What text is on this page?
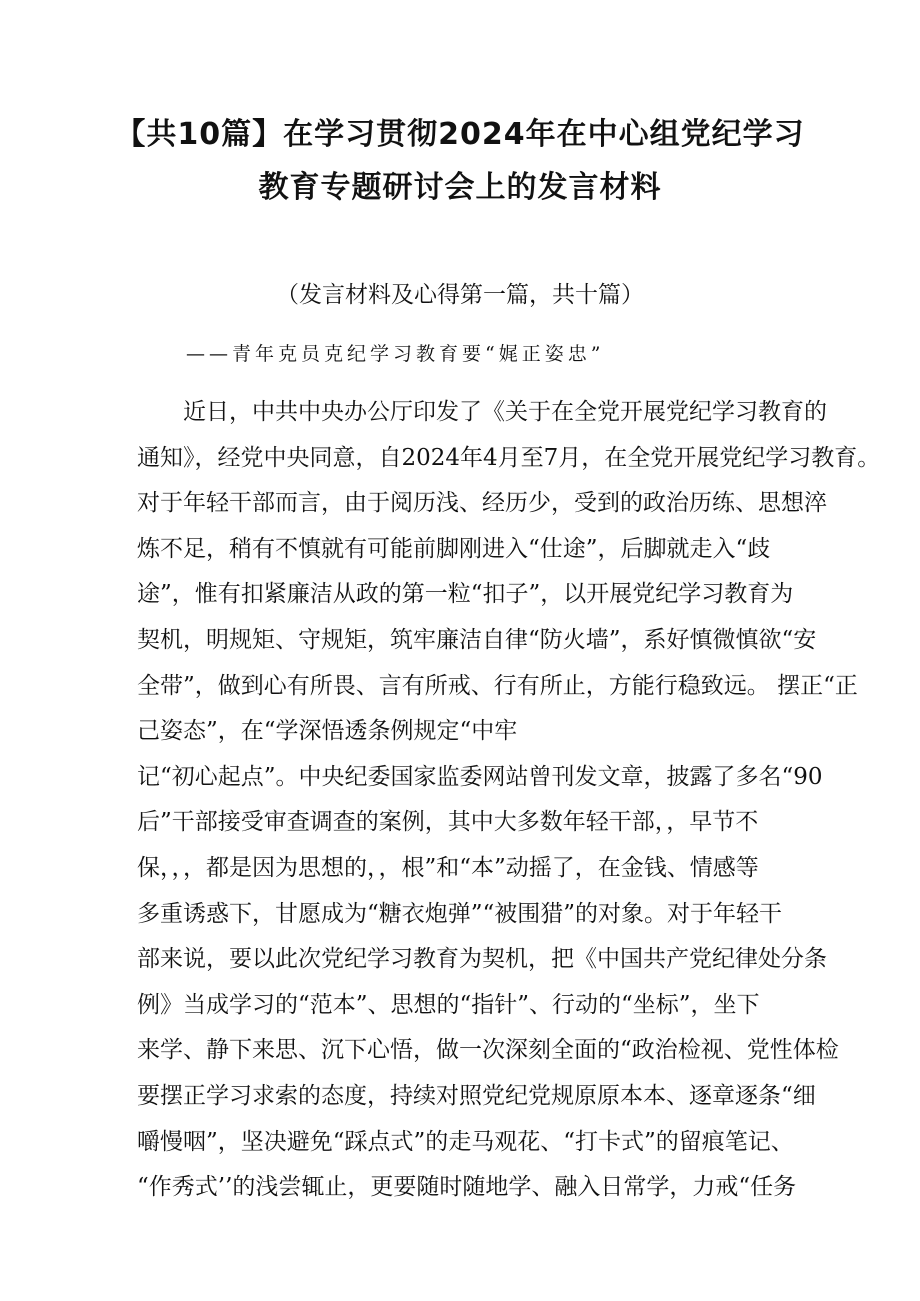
【共10篇】在学习贯彻2024年在中心组党纪学习
教育专题研讨会上的发言材料

（发言材料及心得第一篇，共十篇）

——青年克员克纪学习教育要“娓正姿忠”

近日，中共中央办公厅印发了《关于在全党开展党纪学习教育的
通知》，经党中央同意，自2024年4月至7月，在全党开展党纪学习教育。
对于年轻干部而言，由于阅历浅、经历少，受到的政治历练、思想淬
炼不足，稍有不慎就有可能前脚刚进入“仕途”，后脚就走入“歧
途”，惟有扣紧廉洁从政的第一粒“扣子”，以开展党纪学习教育为
契机，明规矩、守规矩，筑牢廉洁自律“防火墙”，系好慎微慎欲“安
全带”，做到心有所畏、言有所戒、行有所止，方能行稳致远。 摆正“正
己姿态”，在“学深悟透条例规定“中牢
记“初心起点”。中央纪委国家监委网站曾刊发文章，披露了多名“90
后”干部接受审查调查的案例，其中大多数年轻干部，，早节不
保，，，都是因为思想的，，根”和“本”动摇了，在金钱、情感等
多重诱惑下，甘愿成为“糖衣炮弹”“被围猎”的对象。对于年轻干
部来说，要以此次党纪学习教育为契机，把《中国共产党纪律处分条
例》当成学习的“范本”、思想的“指针”、行动的“坐标”，坐下
来学、静下来思、沉下心悟，做一次深刻全面的“政治检视、党性体检
要摆正学习求索的态度，持续对照党纪党规原原本本、逐章逐条“细
嚼慢咽”，坚决避免“踩点式”的走马观花、“打卡式”的留痕笔记、
“作秀式’’的浅尝辄止，更要随时随地学、融入日常学，力戒“任务
